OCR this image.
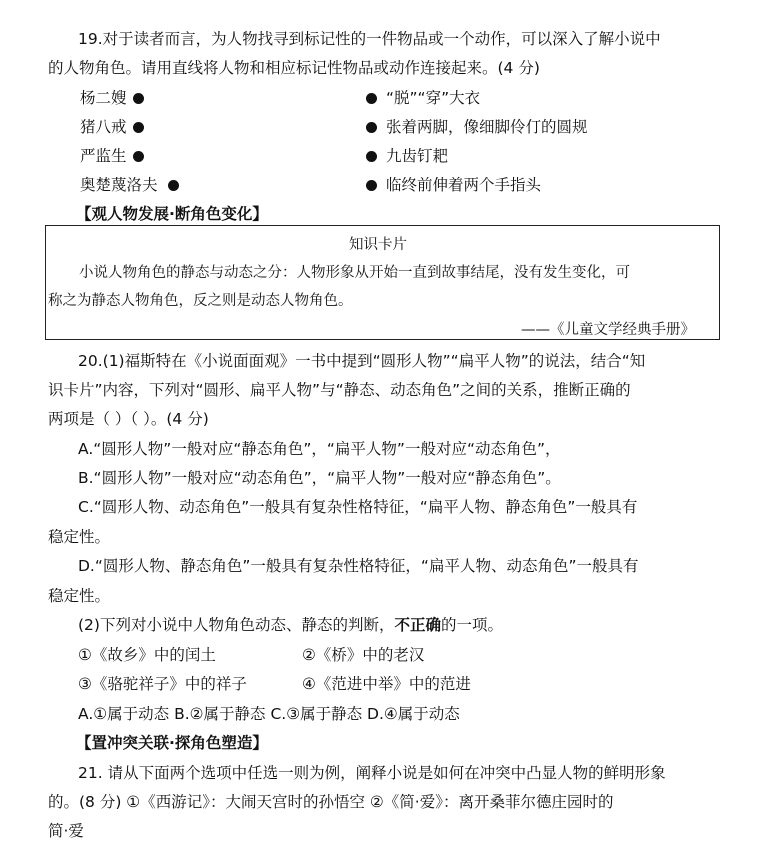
19.对于读者而言，为人物找寻到标记性的一件物品或一个动作，可以深入了解小说中
的人物角色。请用直线将人物和相应标记性物品或动作连接起来。(4 分)
杨二嫂	“脱”“穿”大衣
猪八戒	张着两脚，像细脚伶仃的圆规
严监生	九齿钉耙
奥楚蔑洛夫	临终前伸着两个手指头
【观人物发展·断角色变化】
知识卡片
小说人物角色的静态与动态之分：人物形象从开始一直到故事结尾，没有发生变化，可
称之为静态人物角色，反之则是动态人物角色。
——《儿童文学经典手册》
20.(1)福斯特在《小说面面观》一书中提到“圆形人物”“扁平人物”的说法，结合“知
识卡片”内容，下列对“圆形、扁平人物”与“静态、动态角色”之间的关系，推断正确的
两项是（ ）（ ）。(4 分)
A.“圆形人物”一般对应“静态角色”，“扁平人物”一般对应“动态角色”，
B.“圆形人物”一般对应“动态角色”，“扁平人物”一般对应“静态角色”。
C.“圆形人物、动态角色”一般具有复杂性格特征，“扁平人物、静态角色”一般具有
稳定性。
D.“圆形人物、静态角色”一般具有复杂性格特征，“扁平人物、动态角色”一般具有
稳定性。
(2)下列对小说中人物角色动态、静态的判断，不正确的一项。
①《故乡》中的闰土	②《桥》中的老汉
③《骆驼祥子》中的祥子	④《范进中举》中的范进
A.①属于动态 B.②属于静态 C.③属于静态 D.④属于动态
【置冲突关联·探角色塑造】
21. 请从下面两个选项中任选一则为例，阐释小说是如何在冲突中凸显人物的鲜明形象
的。(8 分) ①《西游记》：大闹天宫时的孙悟空 ②《简·爱》：离开桑菲尔德庄园时的
简·爱
